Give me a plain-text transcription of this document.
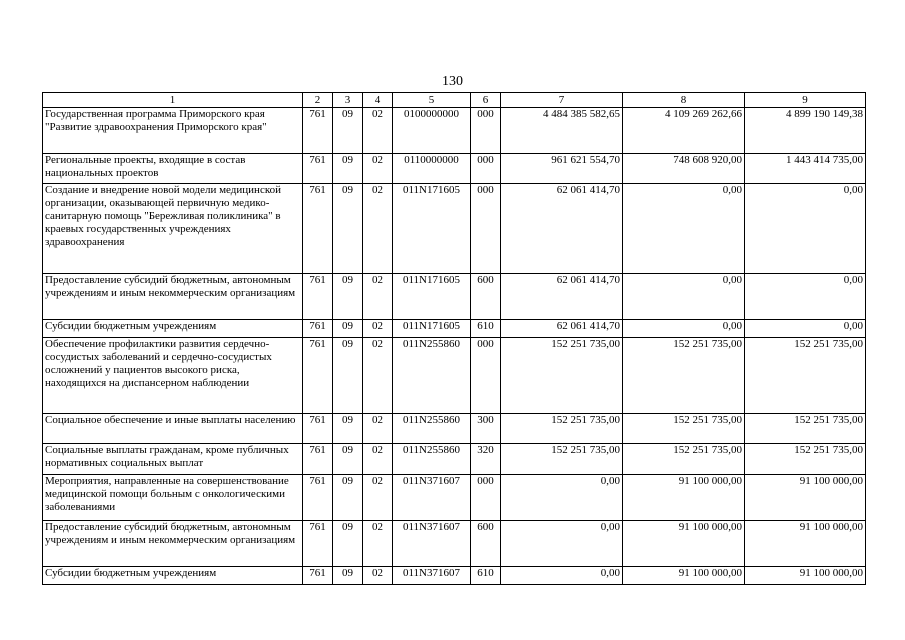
130
1	2	3	4	5	6	7	8	9
Государственная программа Приморского края "Развитие здравоохранения Приморского края"	761	09	02	0100000000	000	4 484 385 582,65	4 109 269 262,66	4 899 190 149,38
Региональные проекты, входящие в состав национальных проектов	761	09	02	0110000000	000	961 621 554,70	748 608 920,00	1 443 414 735,00
Создание и внедрение новой модели медицинской организации, оказывающей первичную медико-санитарную помощь "Бережливая поликлиника" в краевых государственных учреждениях здравоохранения	761	09	02	011N171605	000	62 061 414,70	0,00	0,00
Предоставление субсидий бюджетным, автономным учреждениям и иным некоммерческим организациям	761	09	02	011N171605	600	62 061 414,70	0,00	0,00
Субсидии бюджетным учреждениям	761	09	02	011N171605	610	62 061 414,70	0,00	0,00
Обеспечение профилактики развития сердечно-сосудистых заболеваний и сердечно-сосудистых осложнений у пациентов высокого риска, находящихся на диспансерном наблюдении	761	09	02	011N255860	000	152 251 735,00	152 251 735,00	152 251 735,00
Социальное обеспечение и иные выплаты населению	761	09	02	011N255860	300	152 251 735,00	152 251 735,00	152 251 735,00
Социальные выплаты гражданам, кроме публичных нормативных социальных выплат	761	09	02	011N255860	320	152 251 735,00	152 251 735,00	152 251 735,00
Мероприятия, направленные на совершенствование медицинской помощи больным с онкологическими заболеваниями	761	09	02	011N371607	000	0,00	91 100 000,00	91 100 000,00
Предоставление субсидий бюджетным, автономным учреждениям и иным некоммерческим организациям	761	09	02	011N371607	600	0,00	91 100 000,00	91 100 000,00
Субсидии бюджетным учреждениям	761	09	02	011N371607	610	0,00	91 100 000,00	91 100 000,00
